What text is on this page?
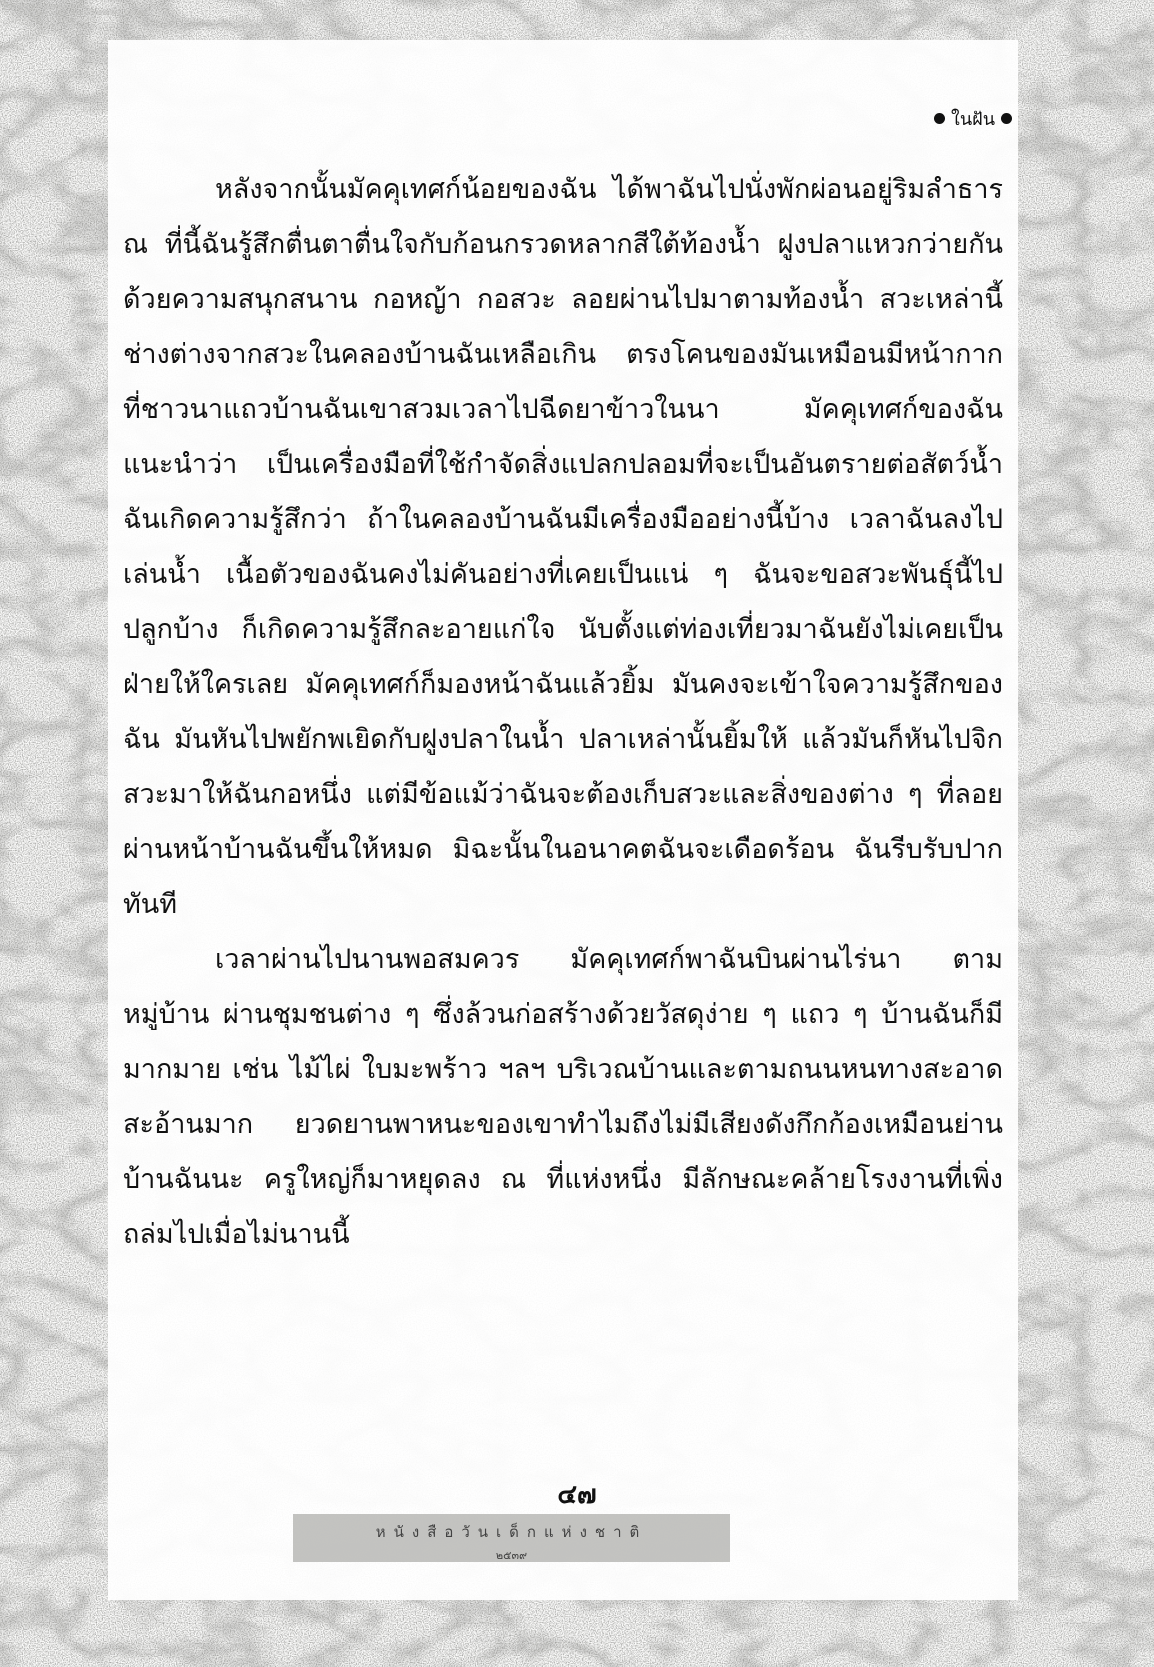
ในฝัน

หลังจากนั้นมัคคุเทศก์น้อยของฉัน ได้พาฉันไปนั่งพักผ่อนอยู่ริมลำธาร ณ ที่นี้ฉันรู้สึกตื่นตาตื่นใจกับก้อนกรวดหลากสีใต้ท้องน้ำ ฝูงปลาแหวกว่ายกันด้วยความสนุกสนาน กอหญ้า กอสวะ ลอยผ่านไปมาตามท้องน้ำ สวะเหล่านี้ช่างต่างจากสวะในคลองบ้านฉันเหลือเกิน ตรงโคนของมันเหมือนมีหน้ากาก ที่ชาวนาแถวบ้านฉันเขาสวมเวลาไปฉีดยาข้าวในนา มัคคุเทศก์ของฉันแนะนำว่า เป็นเครื่องมือที่ใช้กำจัดสิ่งแปลกปลอมที่จะเป็นอันตรายต่อสัตว์น้ำ ฉันเกิดความรู้สึกว่า ถ้าในคลองบ้านฉันมีเครื่องมืออย่างนี้บ้าง เวลาฉันลงไปเล่นน้ำ เนื้อตัวของฉันคงไม่คันอย่างที่เคยเป็นแน่ ๆ ฉันจะขอสวะพันธุ์นี้ไปปลูกบ้าง ก็เกิดความรู้สึกละอายแก่ใจ นับตั้งแต่ท่องเที่ยวมาฉันยังไม่เคยเป็นฝ่ายให้ใครเลย มัคคุเทศก์ก็มองหน้าฉันแล้วยิ้ม มันคงจะเข้าใจความรู้สึกของฉัน มันหันไปพยักพเยิดกับฝูงปลาในน้ำ ปลาเหล่านั้นยิ้มให้ แล้วมันก็หันไปจิกสวะมาให้ฉันกอหนึ่ง แต่มีข้อแม้ว่าฉันจะต้องเก็บสวะและสิ่งของต่าง ๆ ที่ลอยผ่านหน้าบ้านฉันขึ้นให้หมด มิฉะนั้นในอนาคตฉันจะเดือดร้อน ฉันรีบรับปากทันที

เวลาผ่านไปนานพอสมควร มัคคุเทศก์พาฉันบินผ่านไร่นา ตามหมู่บ้าน ผ่านชุมชนต่าง ๆ ซึ่งล้วนก่อสร้างด้วยวัสดุง่าย ๆ แถว ๆ บ้านฉันก็มีมากมาย เช่น ไม้ไผ่ ใบมะพร้าว ฯลฯ บริเวณบ้านและตามถนนหนทางสะอาดสะอ้านมาก ยวดยานพาหนะของเขาทำไมถึงไม่มีเสียงดังกึกก้องเหมือนย่านบ้านฉันนะ ครูใหญ่ก็มาหยุดลง ณ ที่แห่งหนึ่ง มีลักษณะคล้ายโรงงานที่เพิ่งถล่มไปเมื่อไม่นานนี้

๔๗
หนังสือวันเด็กแห่งชาติ
๒๕๓๙
